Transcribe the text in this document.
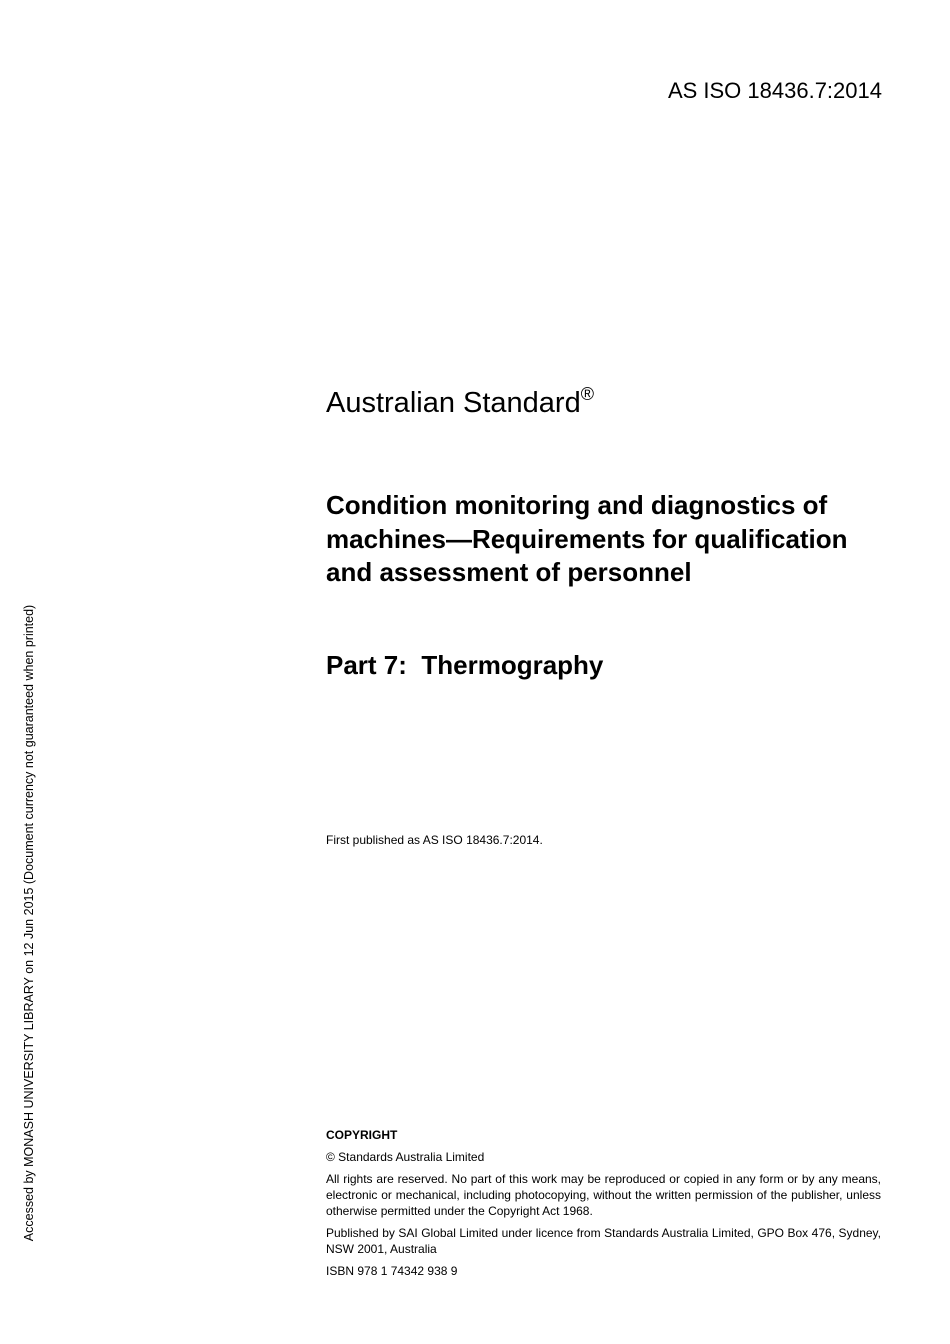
AS ISO 18436.7:2014
Australian Standard®
Condition monitoring and diagnostics of machines—Requirements for qualification and assessment of personnel
Part 7:  Thermography
First published as AS ISO 18436.7:2014.

COPYRIGHT

© Standards Australia Limited

All rights are reserved. No part of this work may be reproduced or copied in any form or by any means, electronic or mechanical, including photocopying, without the written permission of the publisher, unless otherwise permitted under the Copyright Act 1968.

Published by SAI Global Limited under licence from Standards Australia Limited, GPO Box 476, Sydney, NSW 2001, Australia

ISBN 978 1 74342 938 9

Accessed by MONASH UNIVERSITY LIBRARY on 12 Jun 2015 (Document currency not guaranteed when printed)
